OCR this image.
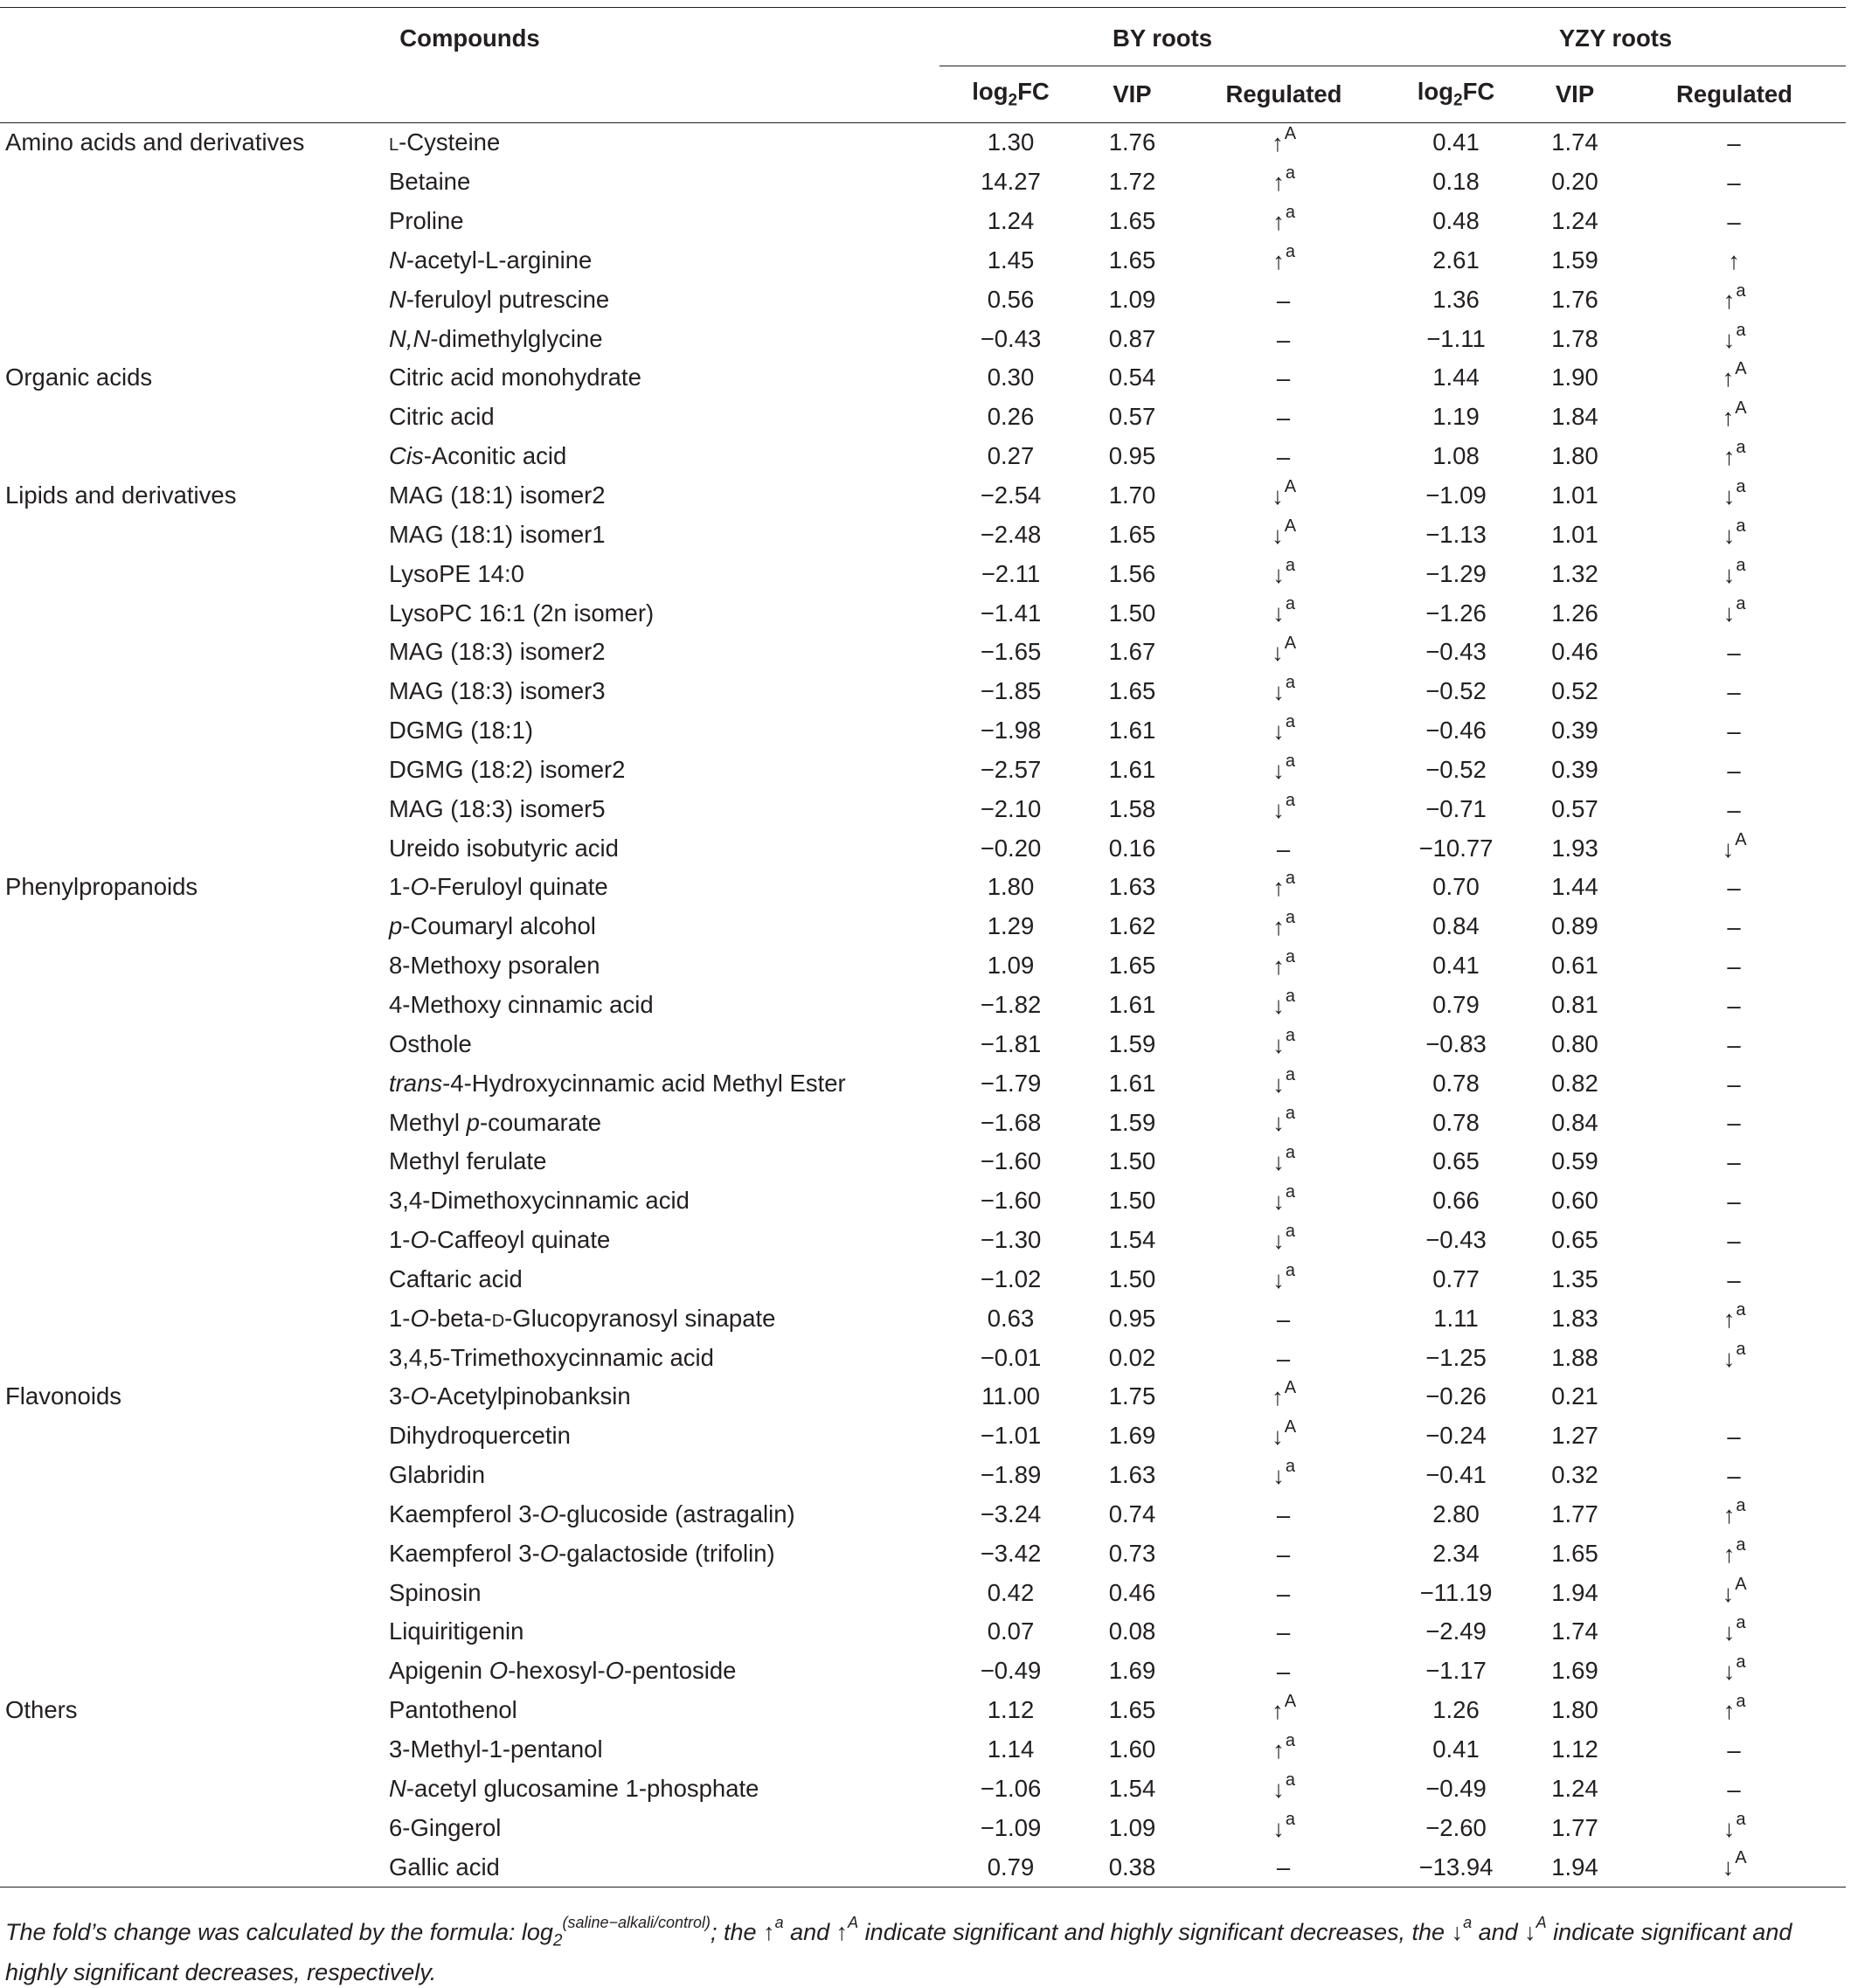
Compounds		BY roots			YZY roots		

		$\log_2FC$	VIP	Regulated	$\log_2FC$	VIP	Regulated
Amino acids and derivatives	L-Cysteine	1.30	1.76	↑$^A$	0.41	1.74	–
	Betaine	14.27	1.72	↑$^a$	0.18	0.20	–
	Proline	1.24	1.65	↑$^a$	0.48	1.24	–
	N-acetyl-L-arginine	1.45	1.65	↑$^a$	2.61	1.59	↑
	N-feruloyl putrescine	0.56	1.09	–	1.36	1.76	↑$^a$
	N,N-dimethylglycine	−0.43	0.87	–	−1.11	1.78	↓$^a$
Organic acids	Citric acid monohydrate	0.30	0.54	–	1.44	1.90	↑$^A$
	Citric acid	0.26	0.57	–	1.19	1.84	↑$^A$
	Cis-Aconitic acid	0.27	0.95	–	1.08	1.80	↑$^a$
Lipids and derivatives	MAG (18:1) isomer2	−2.54	1.70	↓$^A$	−1.09	1.01	↓$^a$
	MAG (18:1) isomer1	−2.48	1.65	↓$^A$	−1.13	1.01	↓$^a$
	LysoPE 14:0	−2.11	1.56	↓$^a$	−1.29	1.32	↓$^a$
	LysoPC 16:1 (2n isomer)	−1.41	1.50	↓$^a$	−1.26	1.26	↓$^a$
	MAG (18:3) isomer2	−1.65	1.67	↓$^A$	−0.43	0.46	–
	MAG (18:3) isomer3	−1.85	1.65	↓$^a$	−0.52	0.52	–
	DGMG (18:1)	−1.98	1.61	↓$^a$	−0.46	0.39	–
	DGMG (18:2) isomer2	−2.57	1.61	↓$^a$	−0.52	0.39	–
	MAG (18:3) isomer5	−2.10	1.58	↓$^a$	−0.71	0.57	–
	Ureido isobutyric acid	−0.20	0.16	–	−10.77	1.93	↓$^A$
Phenylpropanoids	1-O-Feruloyl quinate	1.80	1.63	↑$^a$	0.70	1.44	–
	p-Coumaryl alcohol	1.29	1.62	↑$^a$	0.84	0.89	–
	8-Methoxy psoralen	1.09	1.65	↑$^a$	0.41	0.61	–
	4-Methoxy cinnamic acid	−1.82	1.61	↓$^a$	0.79	0.81	–
	Osthole	−1.81	1.59	↓$^a$	−0.83	0.80	–
	trans-4-Hydroxycinnamic acid Methyl Ester	−1.79	1.61	↓$^a$	0.78	0.82	–
	Methyl p-coumarate	−1.68	1.59	↓$^a$	0.78	0.84	–
	Methyl ferulate	−1.60	1.50	↓$^a$	0.65	0.59	–
	3,4-Dimethoxycinnamic acid	−1.60	1.50	↓$^a$	0.66	0.60	–
	1-O-Caffeoyl quinate	−1.30	1.54	↓$^a$	−0.43	0.65	–
	Caftaric acid	−1.02	1.50	↓$^a$	0.77	1.35	–
	1-O-beta-D-Glucopyranosyl sinapate	0.63	0.95	–	1.11	1.83	↑$^a$
	3,4,5-Trimethoxycinnamic acid	−0.01	0.02	–	−1.25	1.88	↓$^a$
Flavonoids	3-O-Acetylpinobanksin	11.00	1.75	↑$^A$	−0.26	0.21	
	Dihydroquercetin	−1.01	1.69	↓$^A$	−0.24	1.27	–
	Glabridin	−1.89	1.63	↓$^a$	−0.41	0.32	–
	Kaempferol 3-O-glucoside (astragalin)	−3.24	0.74	–	2.80	1.77	↑$^a$
	Kaempferol 3-O-galactoside (trifolin)	−3.42	0.73	–	2.34	1.65	↑$^a$
	Spinosin	0.42	0.46	–	−11.19	1.94	↓$^A$
	Liquiritigenin	0.07	0.08	–	−2.49	1.74	↓$^a$
	Apigenin O-hexosyl-O-pentoside	−0.49	1.69	–	−1.17	1.69	↓$^a$
Others	Pantothenol	1.12	1.65	↑$^A$	1.26	1.80	↑$^a$
	3-Methyl-1-pentanol	1.14	1.60	↑$^a$	0.41	1.12	–
	N-acetyl glucosamine 1-phosphate	−1.06	1.54	↓$^a$	−0.49	1.24	–
	6-Gingerol	−1.09	1.09	↓$^a$	−2.60	1.77	↓$^a$
	Gallic acid	0.79	0.38	–	−13.94	1.94	↓$^A$
The fold’s change was calculated by the formula: $\log_2^{(saline-alkali/control)}$; the ↑$^a$ and ↑$^A$ indicate significant and highly significant decreases, the ↓$^a$ and ↓$^A$ indicate significant and highly significant decreases, respectively.
